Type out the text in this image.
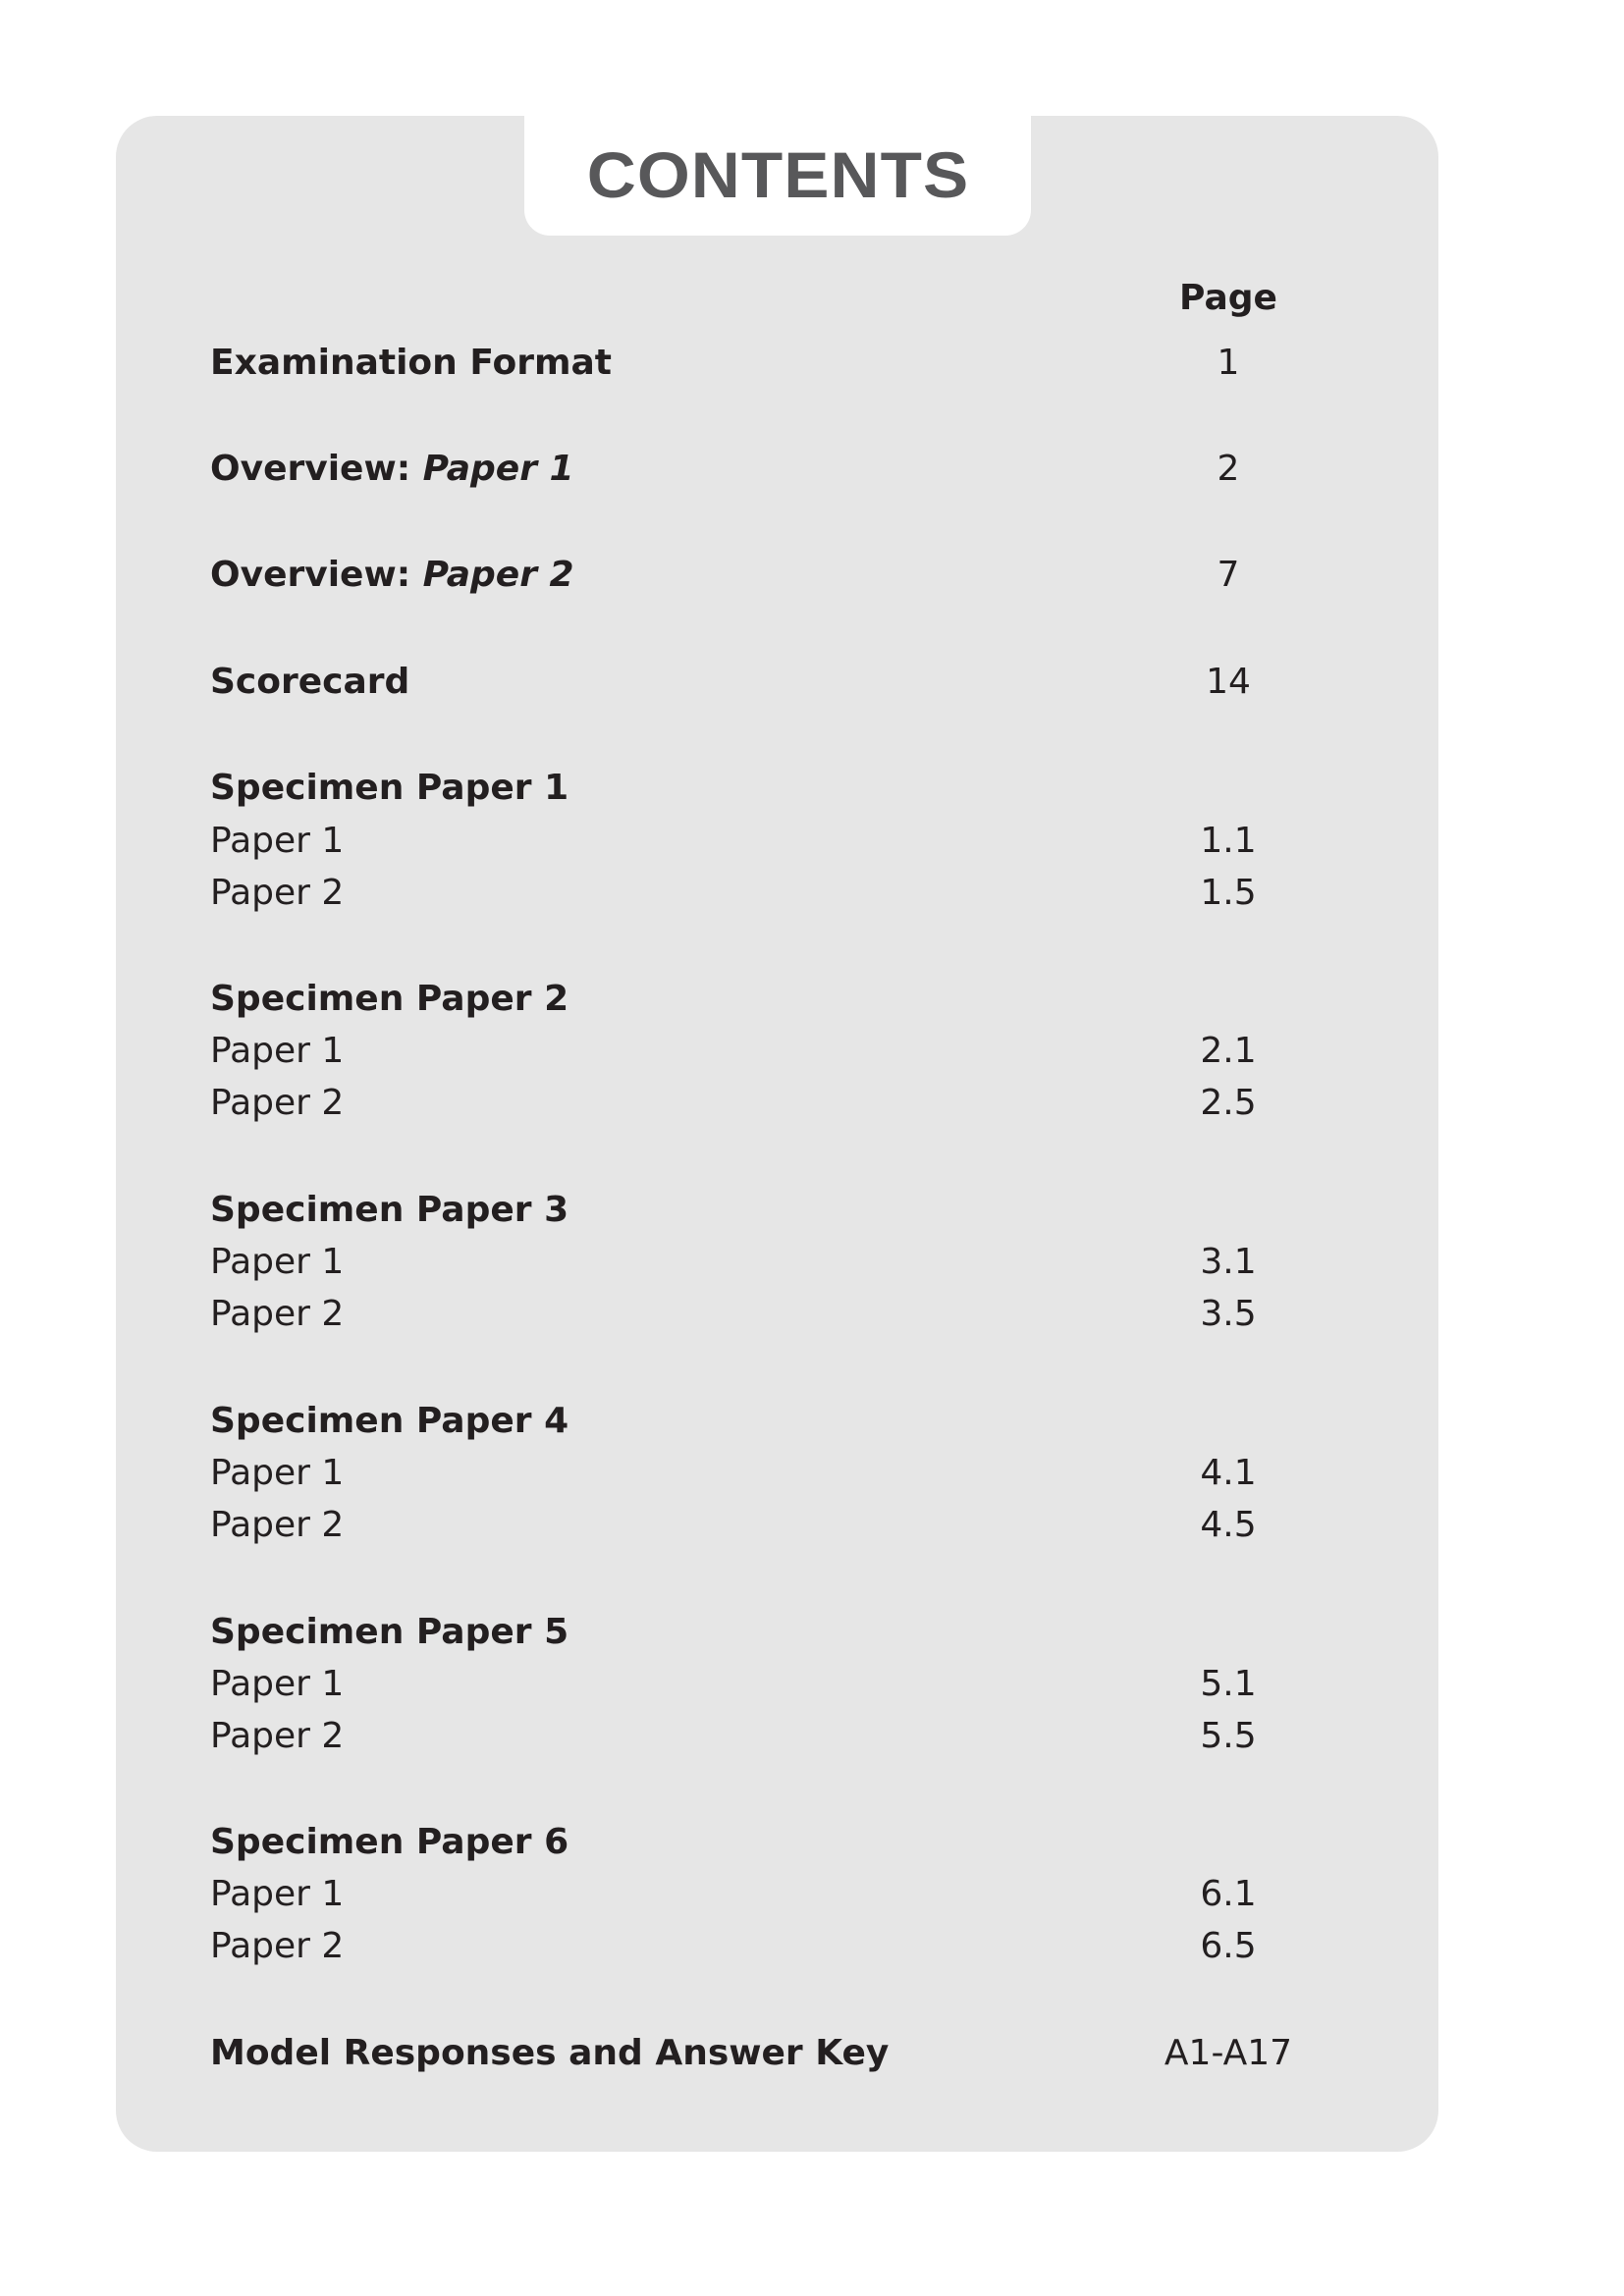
CONTENTS
Page
Examination Format	1
Overview: Paper 1	2
Overview: Paper 2	7
Scorecard	14
Specimen Paper 1
Paper 1	1.1
Paper 2	1.5
Specimen Paper 2
Paper 1	2.1
Paper 2	2.5
Specimen Paper 3
Paper 1	3.1
Paper 2	3.5
Specimen Paper 4
Paper 1	4.1
Paper 2	4.5
Specimen Paper 5
Paper 1	5.1
Paper 2	5.5
Specimen Paper 6
Paper 1	6.1
Paper 2	6.5
Model Responses and Answer Key	A1-A17
